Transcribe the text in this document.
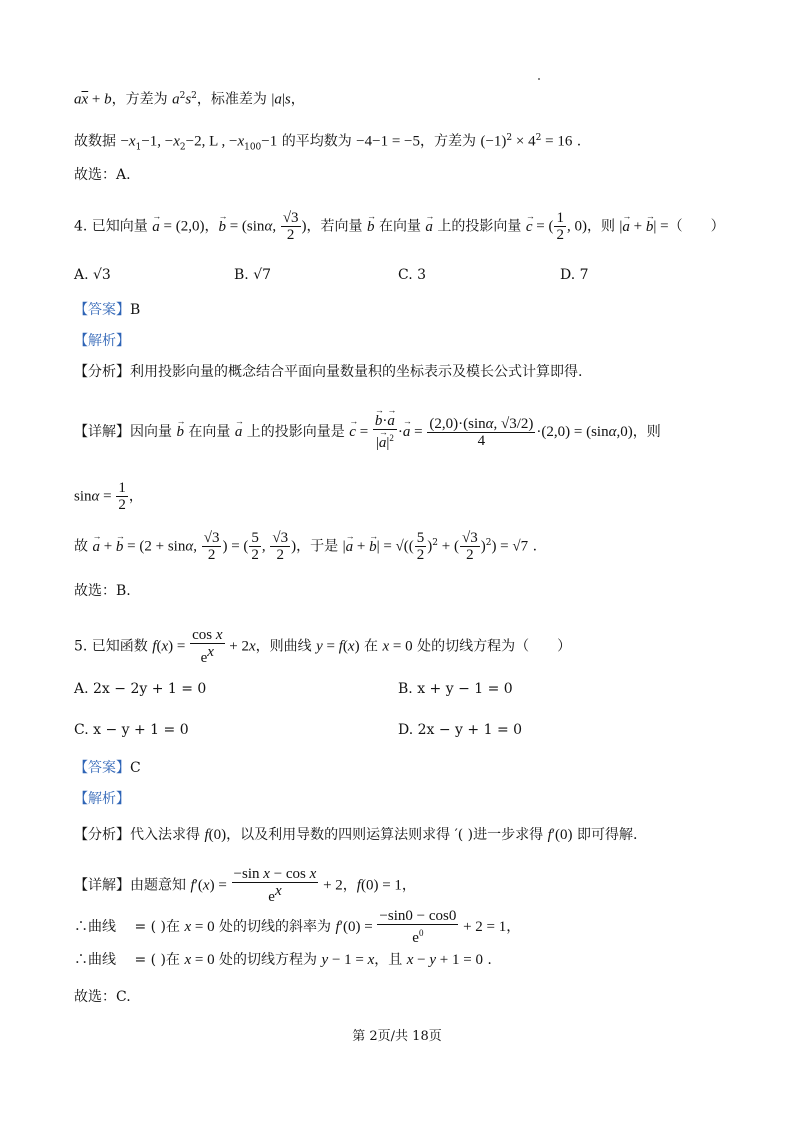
$a\overline{x} + b$，方差为 $a^2s^2$，标准差为 |a|s，
故数据 $-x_1-1$, $-x_2-2$, L , $-x_{100}-1$ 的平均数为 −4−1 = −5，方差为 $(-1)^2 \times 4^2 = 16$ .
故选：A.
4. 已知向量 → a = (2,0)，→ b = (sinα, $\frac{√3}{2}$ )，若向量 → b 在向量 → a 上的投影向量 → c = ( $\frac{1}{2}$ , 0)，则 |→ a + → b| =（　　）
A. √3	B. √7	C. 3	D. 7
【答案】B
【解析】
【分析】利用投影向量的概念结合平面向量数量积的坐标表示及模长公式计算即得.
【详解】因向量 → b 在向量 → a 上的投影向量是 → c = → $\frac{b\cdot\to a}{|\to a|^2} \cdot\to a = \frac{(2,0)\cdot(\sin\alpha, √3/2)}{4} \cdot(2,0) = (\sin\alpha,0)$，则
$\sin\alpha = \frac{1}{2}$ ，
故 → a + → b = (2 + sinα, $\frac{√3}{2}$ ) = ( $\frac{5}{2}$ , $\frac{√3}{2}$ )，于是 |→ a + → b| = √(( $\frac{5}{2} )^2$ + ( $\frac{√3}{2} )^2) = √7$ .
故选：B.
5. 已知函数 $f(x) = \frac{\text{cos x}}{e^x} + 2x$，则曲线 y = f(x) 在 x = 0 处的切线方程为（　　）
A. 2x − 2y + 1 = 0	B. x + y − 1 = 0
C. x − y + 1 = 0	D. 2x − y + 1 = 0
【答案】C
【解析】
【分析】代入法求得 f(0)，以及利用导数的四则运算法则求得 ′( )进一步求得 f′(0) 即可得解.
【详解】由题意知 $f'(x) = \frac{\text{−sin x − cos x}}{e^x} + 2$，f(0) = 1，
∴曲线 　= ( )在 x = 0 处的切线的斜率为 $f'(0) = \frac{-\sin 0 - \cos 0}{e^0} + 2 = 1$，
∴曲线 　= ( )在 x = 0 处的切线方程为 y − 1 = x，且 x − y + 1 = 0 .
故选：C.
第 2页/共 18页
